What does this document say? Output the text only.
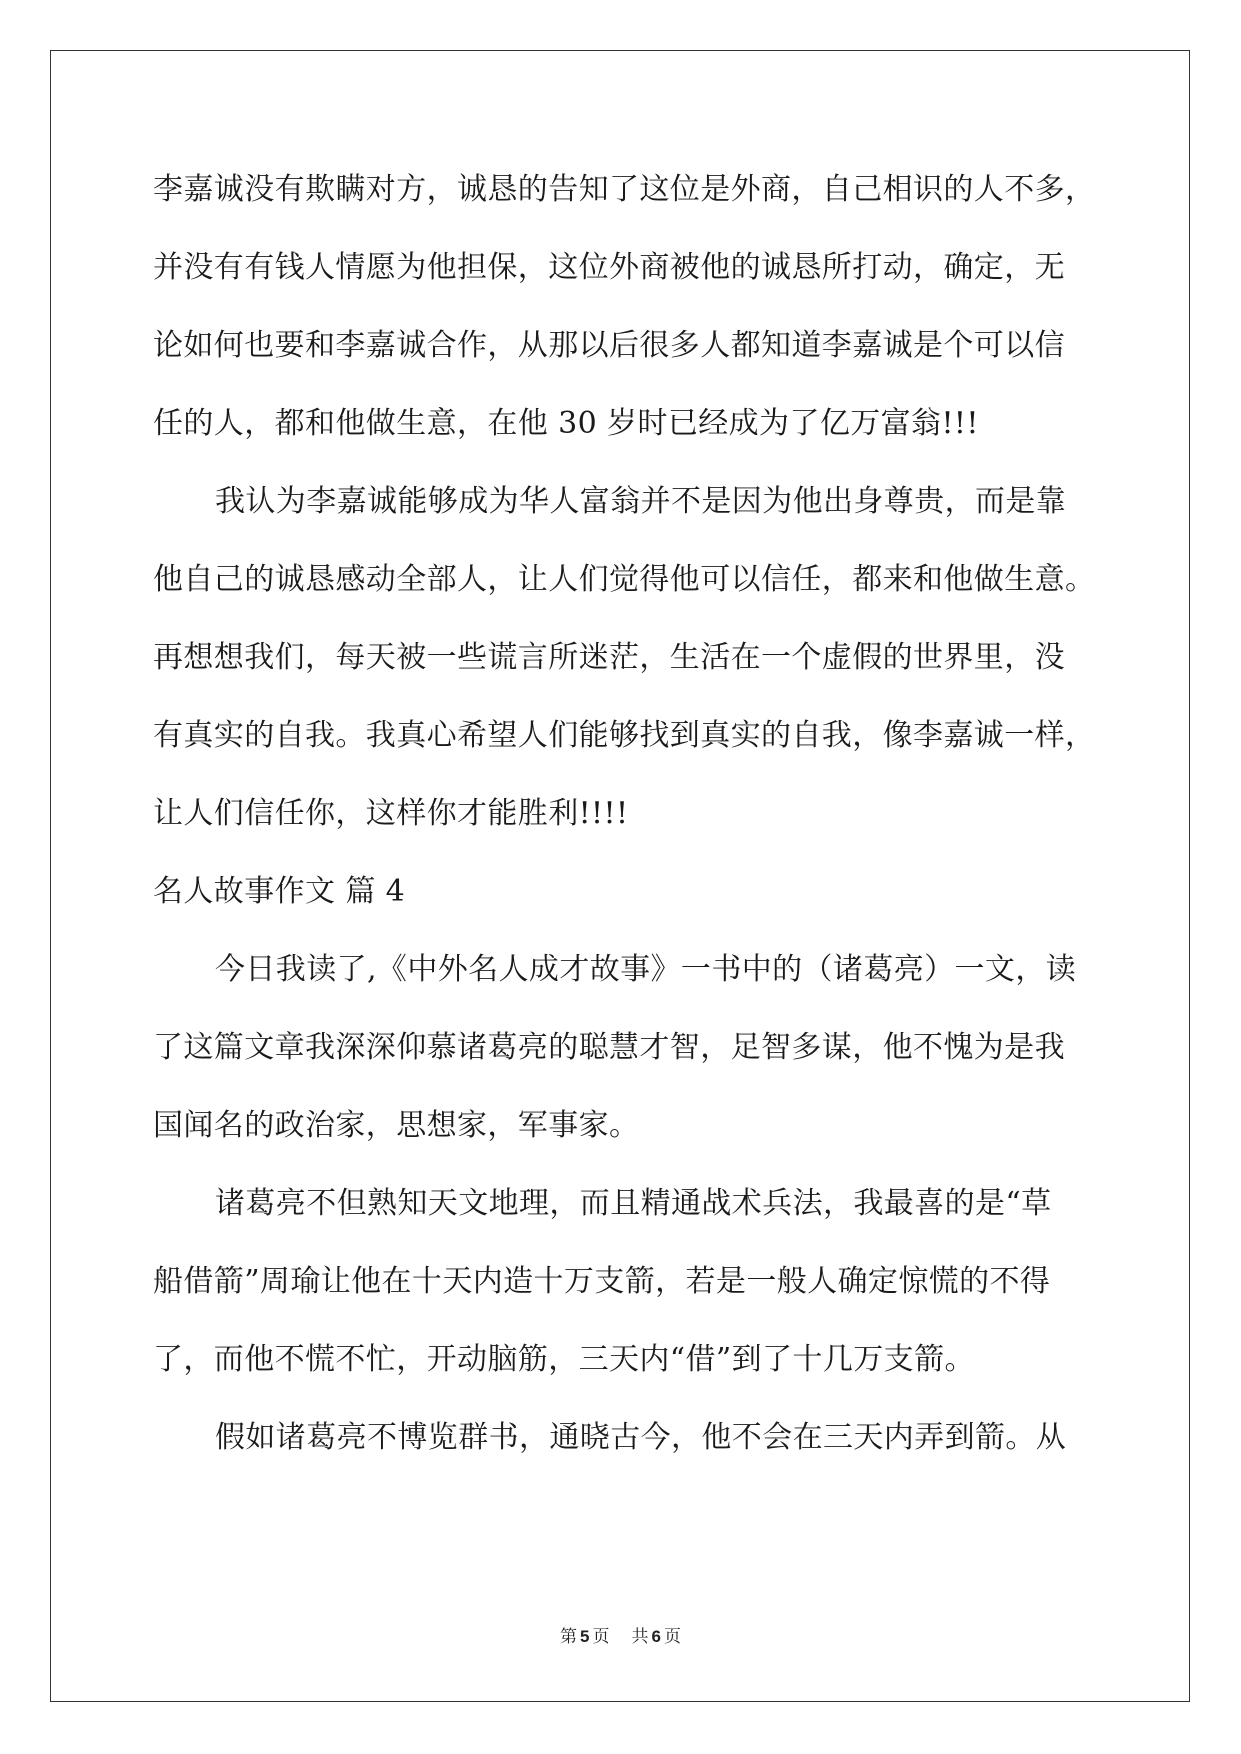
李嘉诚没有欺瞒对方，诚恳的告知了这位是外商，自己相识的人不多，
并没有有钱人情愿为他担保，这位外商被他的诚恳所打动，确定，无
论如何也要和李嘉诚合作，从那以后很多人都知道李嘉诚是个可以信
任的人，都和他做生意，在他 30 岁时已经成为了亿万富翁!!!
我认为李嘉诚能够成为华人富翁并不是因为他出身尊贵，而是靠
他自己的诚恳感动全部人，让人们觉得他可以信任，都来和他做生意。
再想想我们，每天被一些谎言所迷茫，生活在一个虚假的世界里，没
有真实的自我。我真心希望人们能够找到真实的自我，像李嘉诚一样，
让人们信任你，这样你才能胜利!!!!
名人故事作文 篇 4
今日我读了,《中外名人成才故事》一书中的（诸葛亮）一文，读
了这篇文章我深深仰慕诸葛亮的聪慧才智，足智多谋，他不愧为是我
国闻名的政治家，思想家，军事家。
诸葛亮不但熟知天文地理，而且精通战术兵法，我最喜的是“草
船借箭”周瑜让他在十天内造十万支箭，若是一般人确定惊慌的不得
了，而他不慌不忙，开动脑筋，三天内“借”到了十几万支箭。
假如诸葛亮不博览群书，通晓古今，他不会在三天内弄到箭。从
第 5 页 共 6 页
